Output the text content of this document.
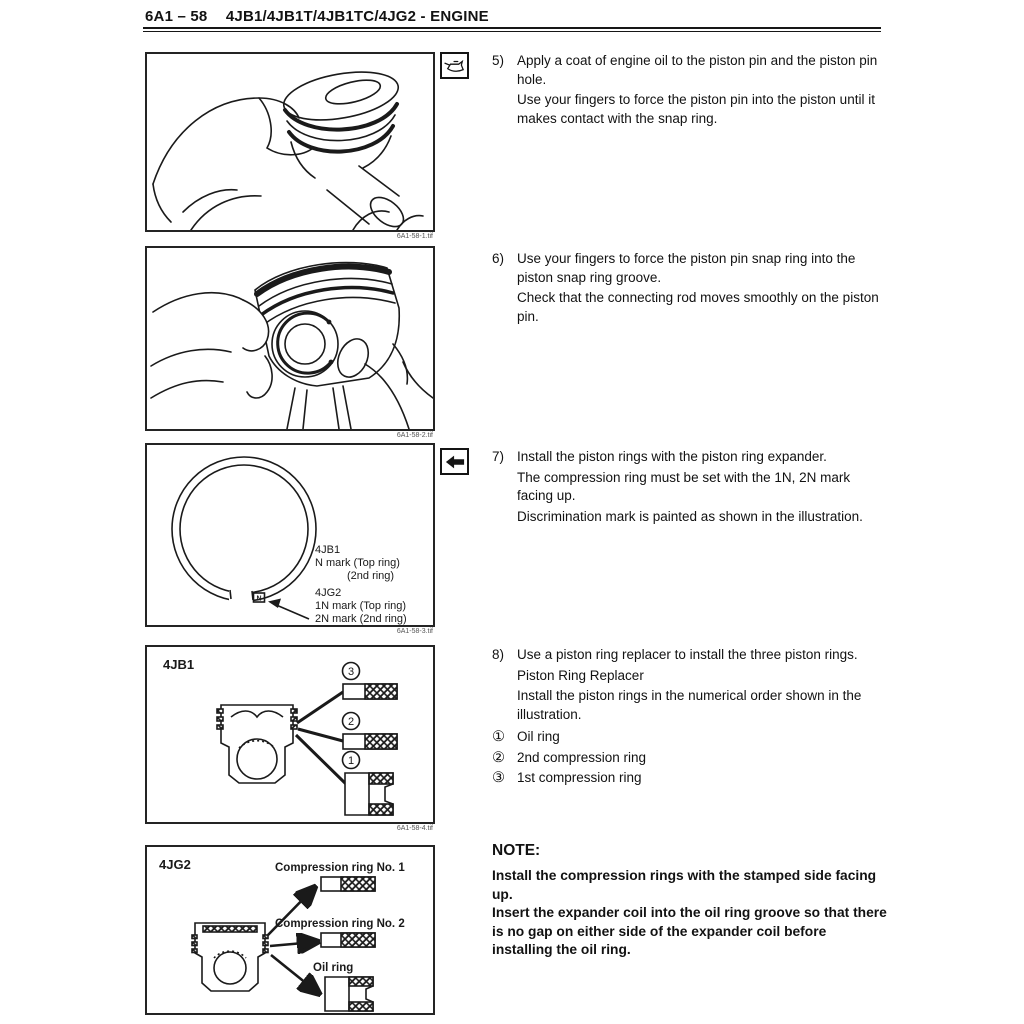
6A1 – 58 4JB1/4JB1T/4JB1TC/4JG2 - ENGINE
6A1-58-1.tif
6A1-58-2.tif
N
4JB1
N mark (Top ring)
(2nd ring)
4JG2
1N mark (Top ring)
2N mark (2nd ring)
6A1-58-3.tif
4JB1	3
2
1
6A1-58-4.tif
4JG2	Compression ring No. 1
Compression ring No. 2
Oil ring
5) Apply a coat of engine oil to the piston pin and the piston pin hole.

Use your fingers to force the piston pin into the piston until it makes contact with the snap ring.

6) Use your fingers to force the piston pin snap ring into the piston snap ring groove.

Check that the connecting rod moves smoothly on the piston pin.

7) Install the piston rings with the piston ring expander.

The compression ring must be set with the 1N, 2N mark facing up.

Discrimination mark is painted as shown in the illustration.

8) Use a piston ring replacer to install the three piston rings.

Piston Ring Replacer

Install the piston rings in the numerical order shown in the illustration.

① Oil ring
② 2nd compression ring
③ 1st compression ring
NOTE:

Install the compression rings with the stamped side facing up.

Insert the expander coil into the oil ring groove so that there is no gap on either side of the expander coil before installing the oil ring.
